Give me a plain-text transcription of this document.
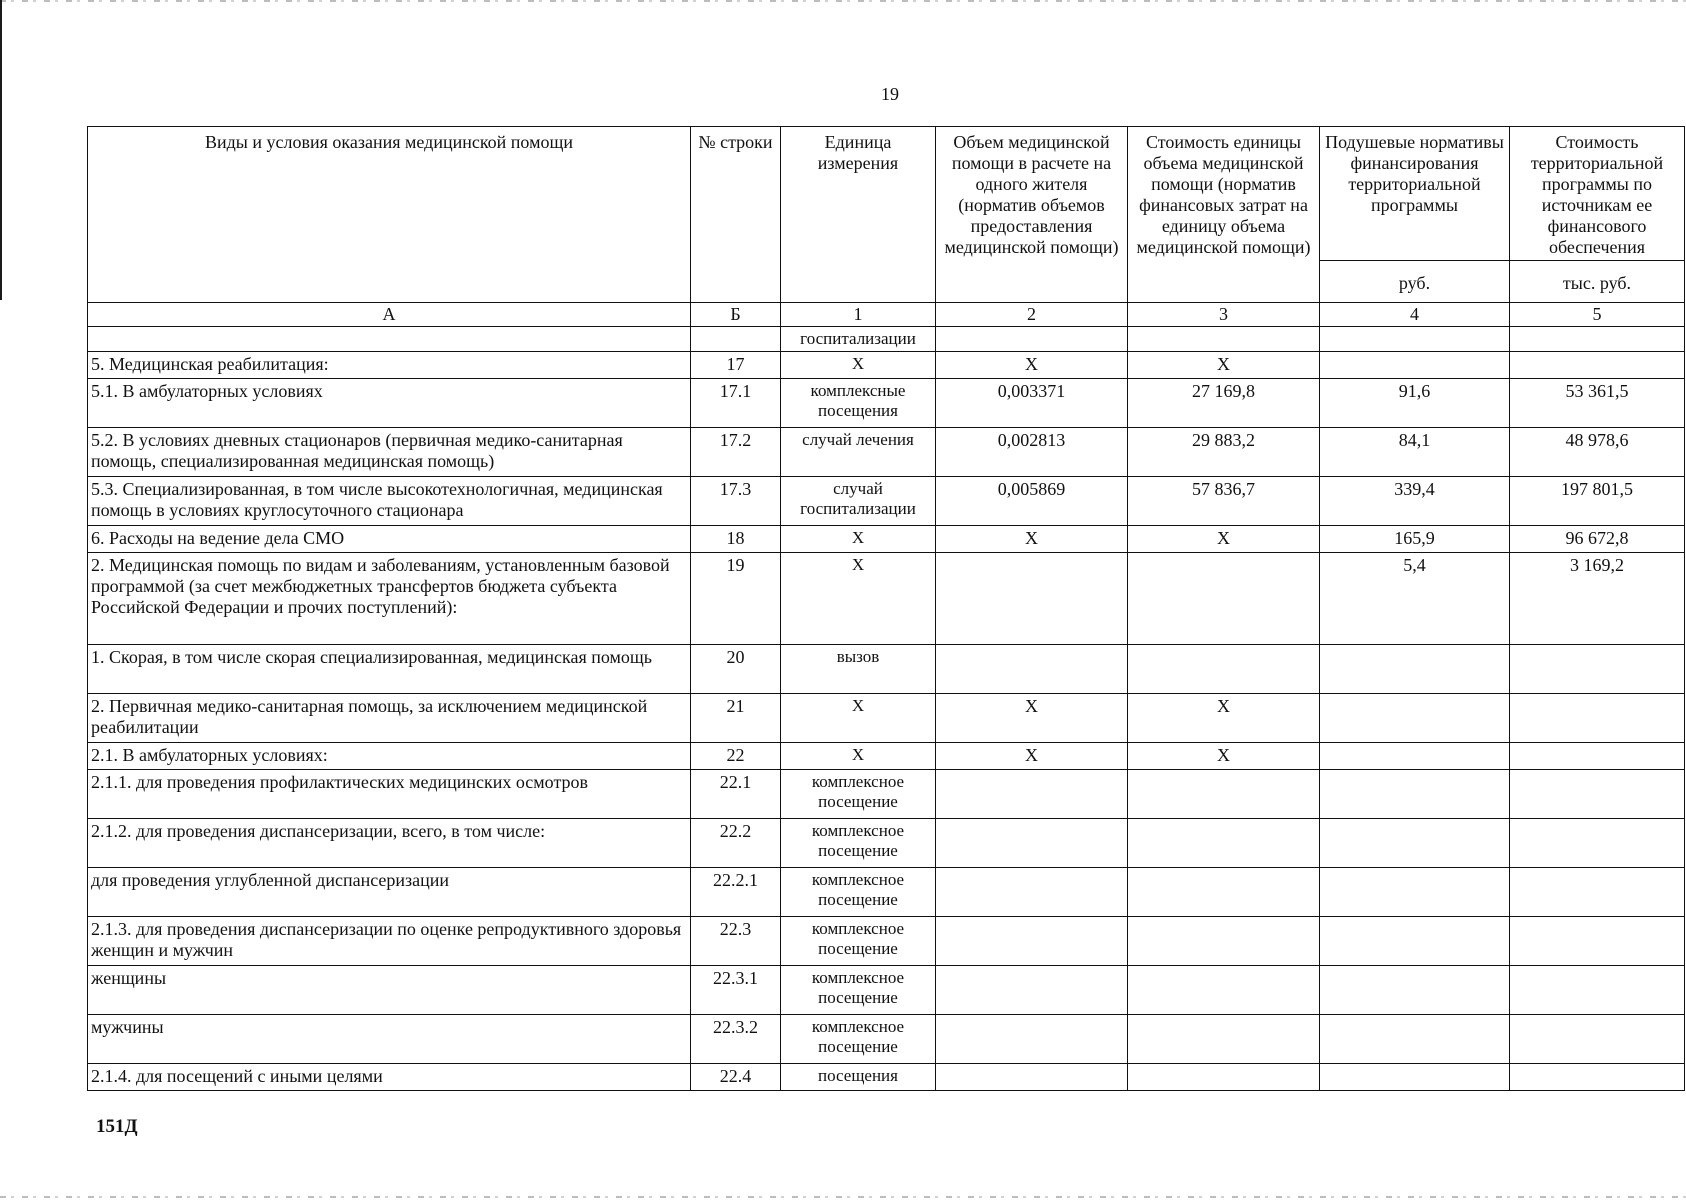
19
Виды и условия оказания медицинской помощи	№ строки	Единица измерения	Объем медицинской помощи в расчете на одного жителя (норматив объемов предоставления медицинской помощи)	Стоимость единицы объема медицинской помощи (норматив финансовых затрат на единицу объема медицинской помощи)	Подушевые нормативы финансирования территориальной программы	Стоимость территориальной программы по источникам ее финансового обеспечения
					руб.	тыс. руб.
А	Б	1	2	3	4	5
		госпитализации				
5. Медицинская реабилитация:	17	Х	Х	Х		
5.1. В амбулаторных условиях	17.1	комплексные посещения	0,003371	27 169,8	91,6	53 361,5
5.2. В условиях дневных стационаров (первичная медико-санитарная помощь, специализированная медицинская помощь)	17.2	случай лечения	0,002813	29 883,2	84,1	48 978,6
5.3. Специализированная, в том числе высокотехнологичная, медицинская помощь в условиях круглосуточного стационара	17.3	случай госпитализации	0,005869	57 836,7	339,4	197 801,5
6. Расходы на ведение дела СМО	18	Х	Х	Х	165,9	96 672,8
2. Медицинская помощь по видам и заболеваниям, установленным базовой программой (за счет межбюджетных трансфертов бюджета субъекта Российской Федерации и прочих поступлений):	19	Х			5,4	3 169,2
1. Скорая, в том числе скорая специализированная, медицинская помощь	20	вызов				
2. Первичная медико-санитарная помощь, за исключением медицинской реабилитации	21	Х	Х	Х		
2.1. В амбулаторных условиях:	22	Х	Х	Х		
2.1.1. для проведения профилактических медицинских осмотров	22.1	комплексное посещение				
2.1.2. для проведения диспансеризации, всего, в том числе:	22.2	комплексное посещение				
для проведения углубленной диспансеризации	22.2.1	комплексное посещение				
2.1.3. для проведения диспансеризации по оценке репродуктивного здоровья женщин и мужчин	22.3	комплексное посещение				
женщины	22.3.1	комплексное посещение				
мужчины	22.3.2	комплексное посещение				
2.1.4. для посещений с иными целями	22.4	посещения				
151Д
